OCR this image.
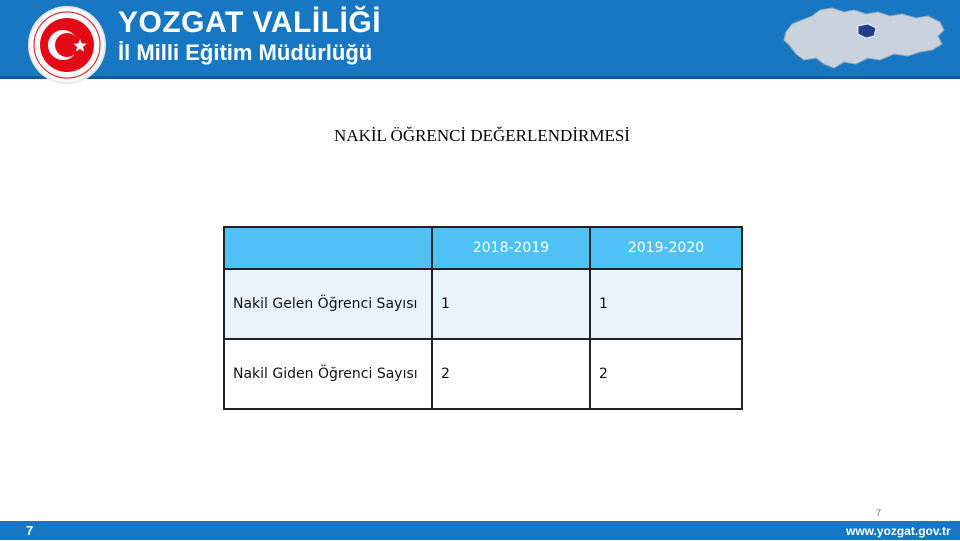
YOZGAT VALİLİĞİ
İl Milli Eğitim Müdürlüğü
NAKİL ÖĞRENCİ DEĞERLENDİRMESİ
	2018-2019	2019-2020
Nakil Gelen Öğrenci Sayısı	1	1
Nakil Giden Öğrenci Sayısı	2	2
7
7	www.yozgat.gov.tr
